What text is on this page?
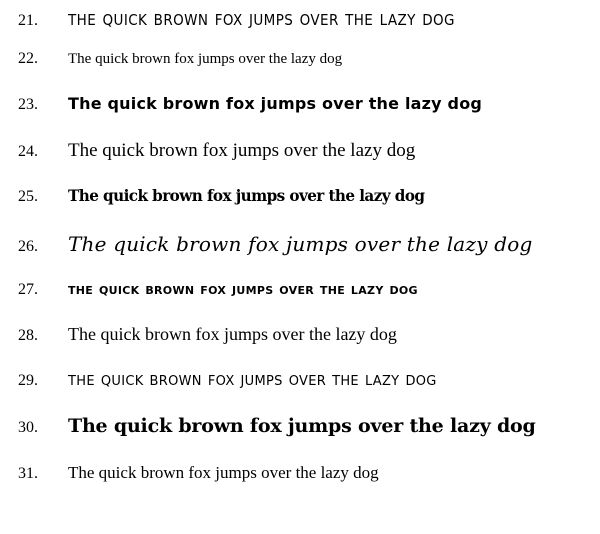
21.	the quick brown fox jumps over the lazy dog
22.	The quick brown fox jumps over the lazy dog
23.	The quick brown fox jumps over the lazy dog
24.	The quick brown fox jumps over the lazy dog
25.	The quick brown fox jumps over the lazy dog
26.	The quick brown fox jumps over the lazy dog
27.	the quick brown fox jumps over the lazy dog
28.	The quick brown fox jumps over the lazy dog
29.	the quick brown fox jumps over the lazy dog
30.	The quick brown fox jumps over the lazy dog
31.	The quick brown fox jumps over the lazy dog
